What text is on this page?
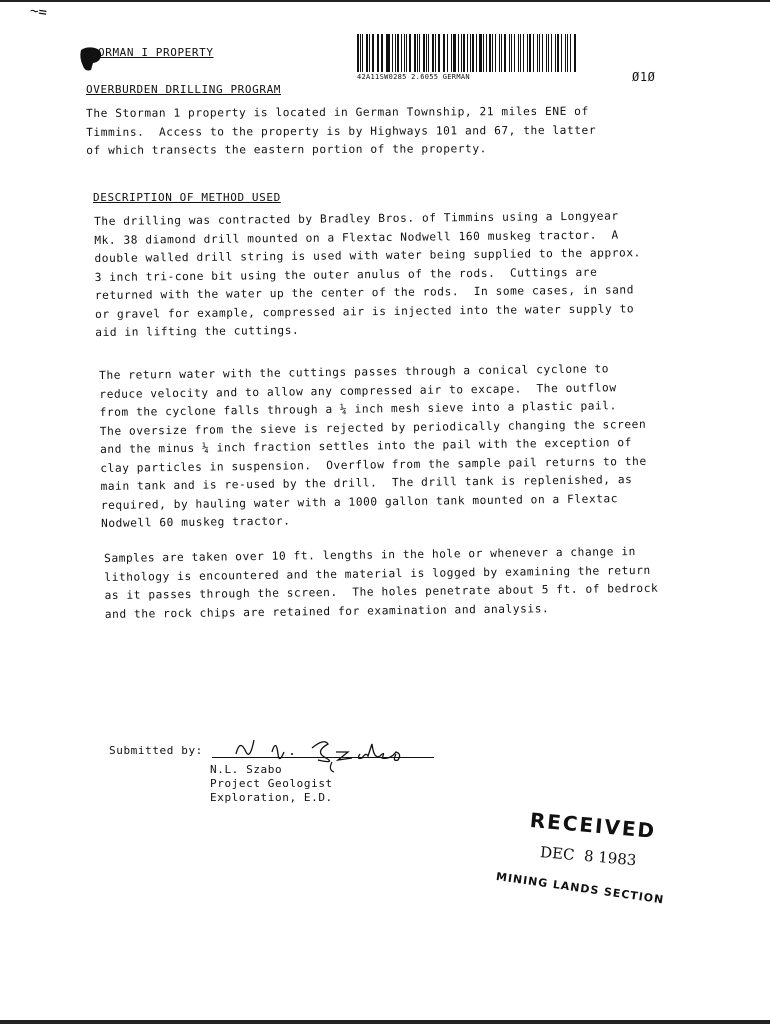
~=
ORMAN I PROPERTY
42A11SW0285 2.6055 GERMAN	Ø1Ø
OVERBURDEN DRILLING PROGRAM
The Storman 1 property is located in German Township, 21 miles ENE of
Timmins.  Access to the property is by Highways 101 and 67, the latter
of which transects the eastern portion of the property.
DESCRIPTION OF METHOD USED
The drilling was contracted by Bradley Bros. of Timmins using a Longyear
Mk. 38 diamond drill mounted on a Flextac Nodwell 160 muskeg tractor.  A
double walled drill string is used with water being supplied to the approx.
3 inch tri-cone bit using the outer anulus of the rods.  Cuttings are
returned with the water up the center of the rods.  In some cases, in sand
or gravel for example, compressed air is injected into the water supply to
aid in lifting the cuttings.
The return water with the cuttings passes through a conical cyclone to
reduce velocity and to allow any compressed air to excape.  The outflow
from the cyclone falls through a ¼ inch mesh sieve into a plastic pail.
The oversize from the sieve is rejected by periodically changing the screen
and the minus ¼ inch fraction settles into the pail with the exception of
clay particles in suspension.  Overflow from the sample pail returns to the
main tank and is re-used by the drill.  The drill tank is replenished, as
required, by hauling water with a 1000 gallon tank mounted on a Flextac
Nodwell 60 muskeg tractor.
Samples are taken over 10 ft. lengths in the hole or whenever a change in
lithology is encountered and the material is logged by examining the return
as it passes through the screen.  The holes penetrate about 5 ft. of bedrock
and the rock chips are retained for examination and analysis.
Submitted by:
N.L. Szabo
Project Geologist
Exploration, E.D.
RECEIVED
DEC  8 1983
MINING LANDS SECTION
